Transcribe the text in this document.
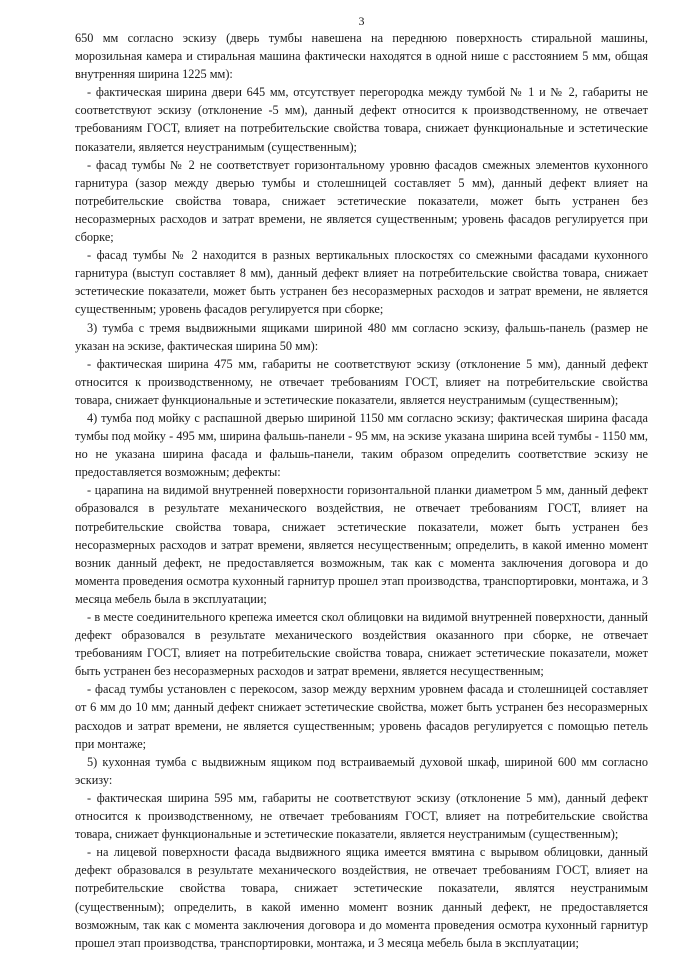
3

650 мм согласно эскизу (дверь тумбы навешена на переднюю поверхность стиральной машины, морозильная камера и стиральная машина фактически находятся в одной нише с расстоянием 5 мм, общая внутренняя ширина 1225 мм):

- фактическая ширина двери 645 мм, отсутствует перегородка между тумбой № 1 и № 2, габариты не соответствуют эскизу (отклонение -5 мм), данный дефект относится к производственному, не отвечает требованиям ГОСТ, влияет на потребительские свойства товара, снижает функциональные и эстетические показатели, является неустранимым (существенным);

- фасад тумбы № 2 не соответствует горизонтальному уровню фасадов смежных элементов кухонного гарнитура (зазор между дверью тумбы и столешницей составляет 5 мм), данный дефект влияет на потребительские свойства товара, снижает эстетические показатели, может быть устранен без несоразмерных расходов и затрат времени, не является существенным; уровень фасадов регулируется при сборке;

- фасад тумбы № 2 находится в разных вертикальных плоскостях со смежными фасадами кухонного гарнитура (выступ составляет 8 мм), данный дефект влияет на потребительские свойства товара, снижает эстетические показатели, может быть устранен без несоразмерных расходов и затрат времени, не является существенным; уровень фасадов регулируется при сборке;

3) тумба с тремя выдвижными ящиками шириной 480 мм согласно эскизу, фальшь-панель (размер не указан на эскизе, фактическая ширина 50 мм):

- фактическая ширина 475 мм, габариты не соответствуют эскизу (отклонение 5 мм), данный дефект относится к производственному, не отвечает требованиям ГОСТ, влияет на потребительские свойства товара, снижает функциональные и эстетические показатели, является неустранимым (существенным);

4) тумба под мойку с распашной дверью шириной 1150 мм согласно эскизу; фактическая ширина фасада тумбы под мойку - 495 мм, ширина фальшь-панели - 95 мм, на эскизе указана ширина всей тумбы - 1150 мм, но не указана ширина фасада и фальшь-панели, таким образом определить соответствие эскизу не предоставляется возможным; дефекты:

- царапина на видимой внутренней поверхности горизонтальной планки диаметром 5 мм, данный дефект образовался в результате механического воздействия, не отвечает требованиям ГОСТ, влияет на потребительские свойства товара, снижает эстетические показатели, может быть устранен без несоразмерных расходов и затрат времени, является несущественным; определить, в какой именно момент возник данный дефект, не предоставляется возможным, так как с момента заключения договора и до момента проведения осмотра кухонный гарнитур прошел этап производства, транспортировки, монтажа, и 3 месяца мебель была в эксплуатации;

- в месте соединительного крепежа имеется скол облицовки на видимой внутренней поверхности, данный дефект образовался в результате механического воздействия оказанного при сборке, не отвечает требованиям ГОСТ, влияет на потребительские свойства товара, снижает эстетические показатели, может быть устранен без несоразмерных расходов и затрат времени, является несущественным;

- фасад тумбы установлен с перекосом, зазор между верхним уровнем фасада и столешницей составляет от 6 мм до 10 мм; данный дефект снижает эстетические свойства, может быть устранен без несоразмерных расходов и затрат времени, не является существенным; уровень фасадов регулируется с помощью петель при монтаже;

5) кухонная тумба с выдвижным ящиком под встраиваемый духовой шкаф, шириной 600 мм согласно эскизу:

- фактическая ширина 595 мм, габариты не соответствуют эскизу (отклонение 5 мм), данный дефект относится к производственному, не отвечает требованиям ГОСТ, влияет на потребительские свойства товара, снижает функциональные и эстетические показатели, является неустранимым (существенным);

- на лицевой поверхности фасада выдвижного ящика имеется вмятина с вырывом облицовки, данный дефект образовался в результате механического воздействия, не отвечает требованиям ГОСТ, влияет на потребительские свойства товара, снижает эстетические показатели, являтся неустранимым (существенным); определить, в какой именно момент возник данный дефект, не предоставляется возможным, так как с момента заключения договора и до момента проведения осмотра кухонный гарнитур прошел этап производства, транспортировки, монтажа, и 3 месяца мебель была в эксплуатации;
